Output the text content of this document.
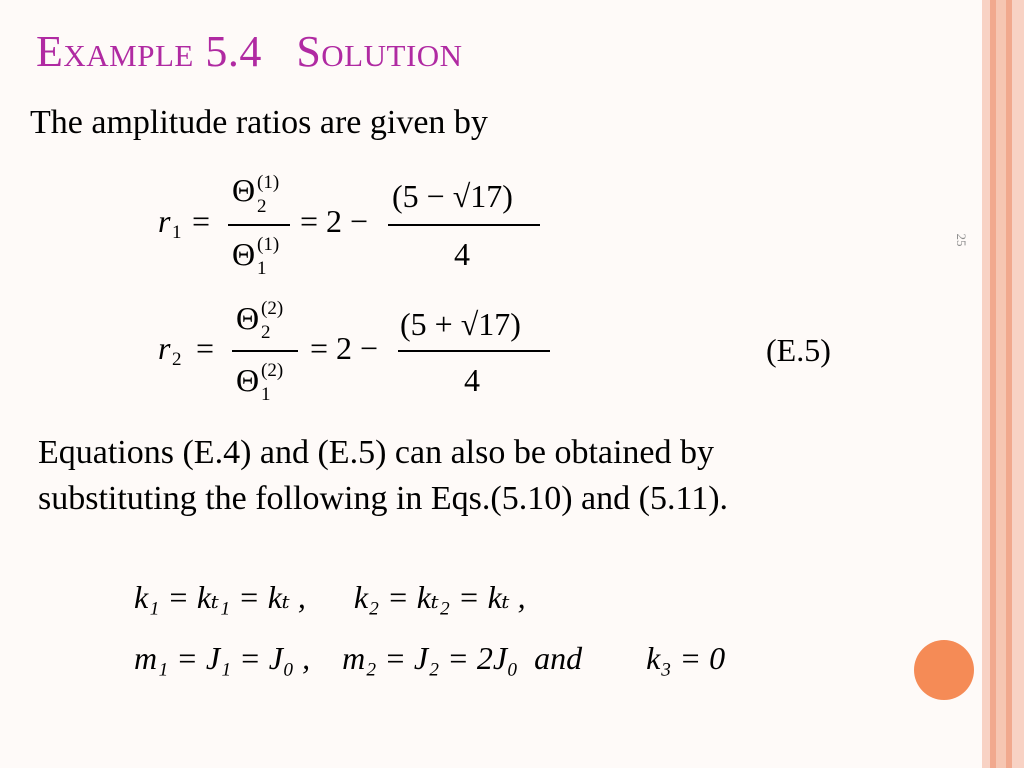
Example 5.4   Solution
The amplitude ratios are given by
25
r 1 =
Θ (1)
2
Θ (1)
1
= 2 −
(5 − √17)
4
r 2 =
Θ (2)
2
Θ (2)
1
= 2 −
(5 + √17)
4
(E.5)
Equations (E.4) and (E.5) can also be obtained by
substituting the following in Eqs.(5.10) and (5.11).
k₁ = kₜ₁ = kₜ ,      k₂ = kₜ₂ = kₜ ,
m₁ = J₁ = J₀ ,    m₂ = J₂ = 2J₀  and        k₃ = 0
